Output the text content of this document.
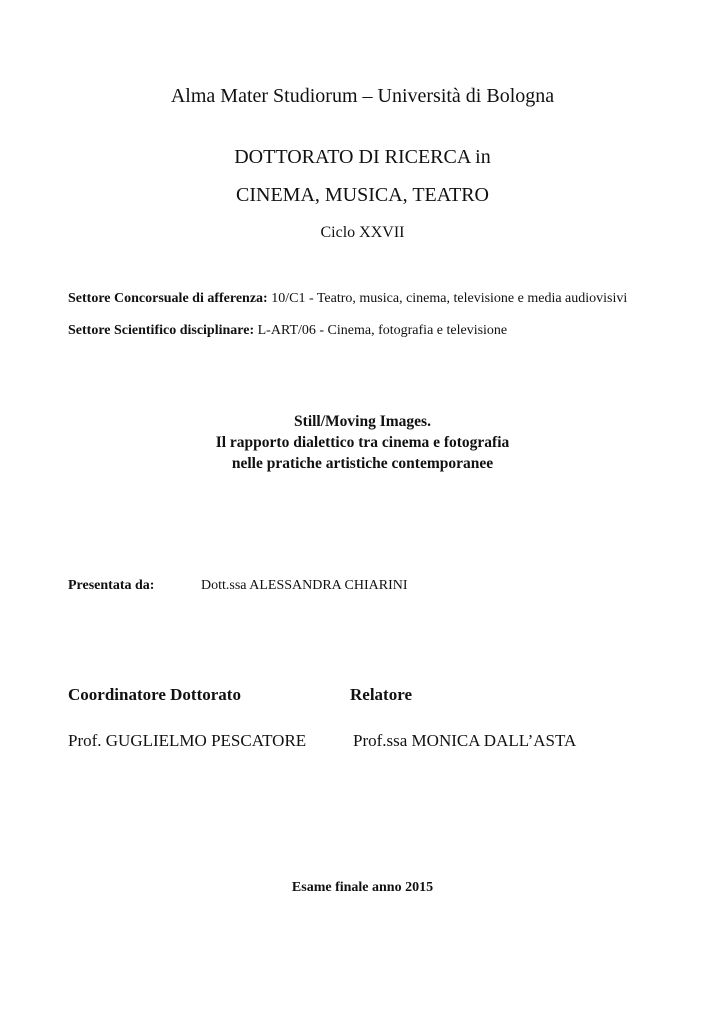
Alma Mater Studiorum – Università di Bologna
DOTTORATO DI RICERCA in
CINEMA, MUSICA, TEATRO
Ciclo XXVII
Settore Concorsuale di afferenza: 10/C1 - Teatro, musica, cinema, televisione e media audiovisivi
Settore Scientifico disciplinare: L-ART/06 - Cinema, fotografia e televisione
Still/Moving Images.
Il rapporto dialettico tra cinema e fotografia
nelle pratiche artistiche contemporanee
Presentata da:	Dott.ssa ALESSANDRA CHIARINI
Coordinatore Dottorato	Relatore
Prof. GUGLIELMO PESCATORE	Prof.ssa MONICA DALL’ASTA
Esame finale anno 2015
